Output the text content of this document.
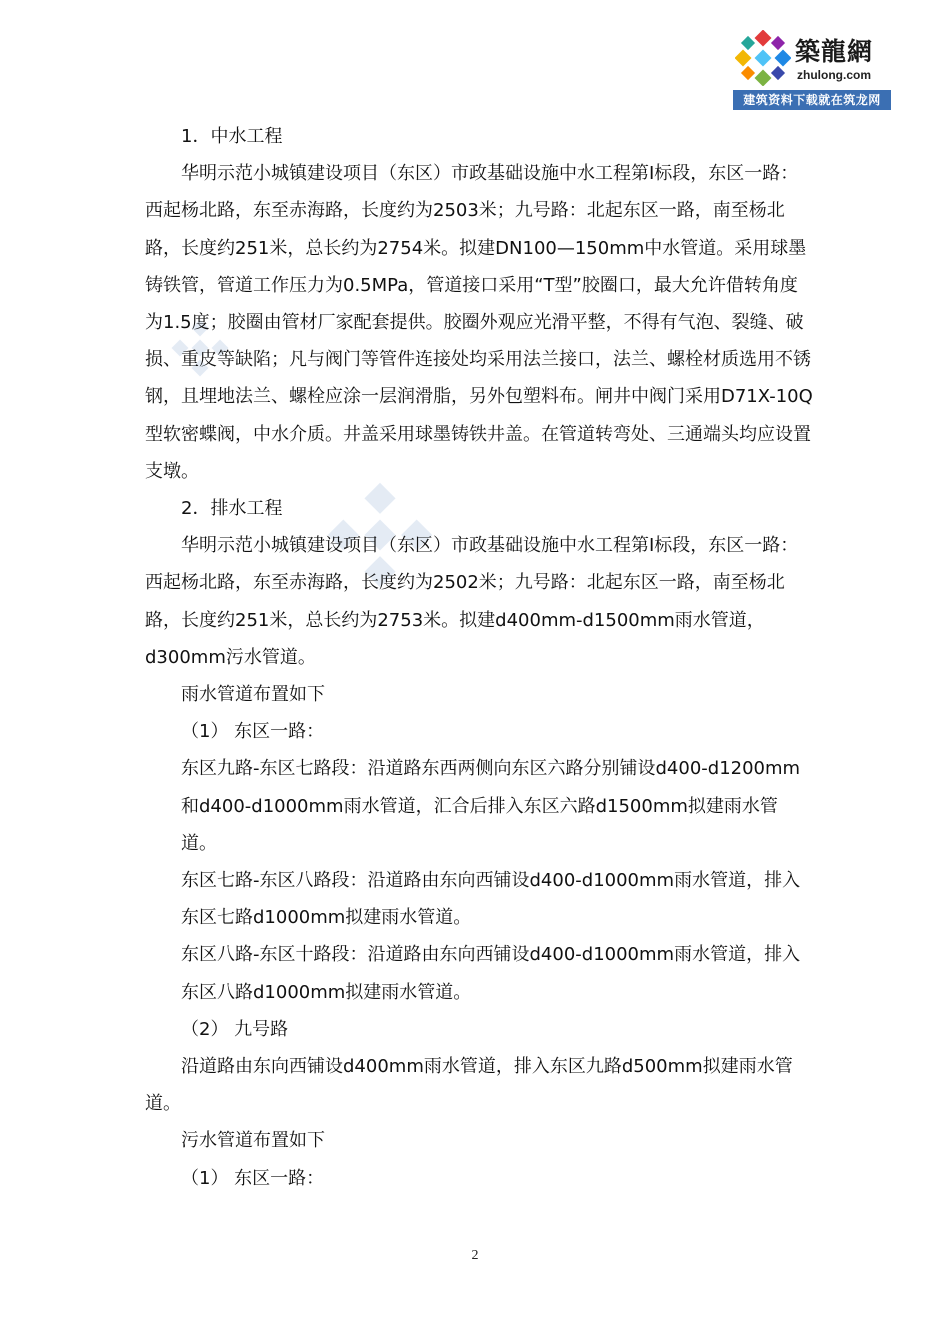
築龍網
zhulong.com
建筑资料下载就在筑龙网

1．中水工程

华明示范小城镇建设项目（东区）市政基础设施中水工程第Ⅰ标段，东区一路：西起杨北路，东至赤海路，长度约为2503米；九号路：北起东区一路，南至杨北路，长度约251米，总长约为2754米。拟建DN100—150mm中水管道。采用球墨铸铁管，管道工作压力为0.5MPa，管道接口采用“T型”胶圈口，最大允许借转角度为1.5度；胶圈由管材厂家配套提供。胶圈外观应光滑平整，不得有气泡、裂缝、破损、重皮等缺陷；凡与阀门等管件连接处均采用法兰接口，法兰、螺栓材质选用不锈钢，且埋地法兰、螺栓应涂一层润滑脂，另外包塑料布。闸井中阀门采用D71X-10Q型软密蝶阀，中水介质。井盖采用球墨铸铁井盖。在管道转弯处、三通端头均应设置支墩。

2．排水工程

华明示范小城镇建设项目（东区）市政基础设施中水工程第Ⅰ标段，东区一路：西起杨北路，东至赤海路，长度约为2502米；九号路：北起东区一路，南至杨北路，长度约251米，总长约为2753米。拟建d400mm-d1500mm雨水管道，d300mm污水管道。

雨水管道布置如下

（1） 东区一路：

东区九路-东区七路段：沿道路东西两侧向东区六路分别铺设d400-d1200mm和d400-d1000mm雨水管道，汇合后排入东区六路d1500mm拟建雨水管道。

东区七路-东区八路段：沿道路由东向西铺设d400-d1000mm雨水管道，排入东区七路d1000mm拟建雨水管道。

东区八路-东区十路段：沿道路由东向西铺设d400-d1000mm雨水管道，排入东区八路d1000mm拟建雨水管道。

（2） 九号路

沿道路由东向西铺设d400mm雨水管道，排入东区九路d500mm拟建雨水管道。

污水管道布置如下

（1） 东区一路：

2
